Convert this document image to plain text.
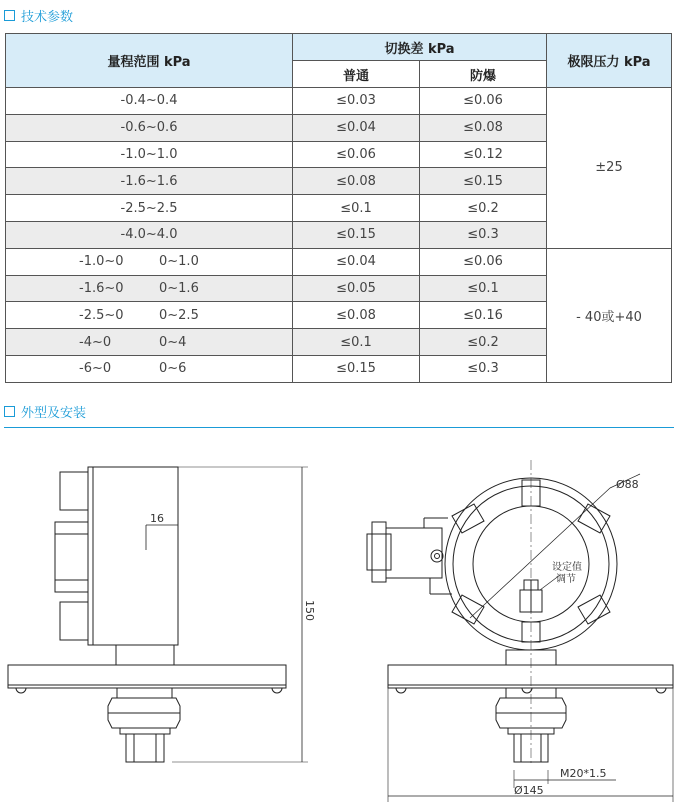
技术参数
量程范围 kPa	切换差 kPa		极限压力 kPa
	普通	防爆	
-0.4~0.4	≤0.03	≤0.06	±25
-0.6~0.6	≤0.04	≤0.08	
-1.0~1.0	≤0.06	≤0.12	
-1.6~1.6	≤0.08	≤0.15	
-2.5~2.5	≤0.1	≤0.2	
-4.0~4.0	≤0.15	≤0.3	
-1.0~0 0~1.0	≤0.04	≤0.06	- 40或+40
-1.6~0 0~1.6	≤0.05	≤0.1	
-2.5~0 0~2.5	≤0.08	≤0.16	
-4~0 0~4	≤0.1	≤0.2	
-6~0 0~6	≤0.15	≤0.3	
外型及安装
16
150
Ø88
设定值
调节
M20*1.5
Ø145
